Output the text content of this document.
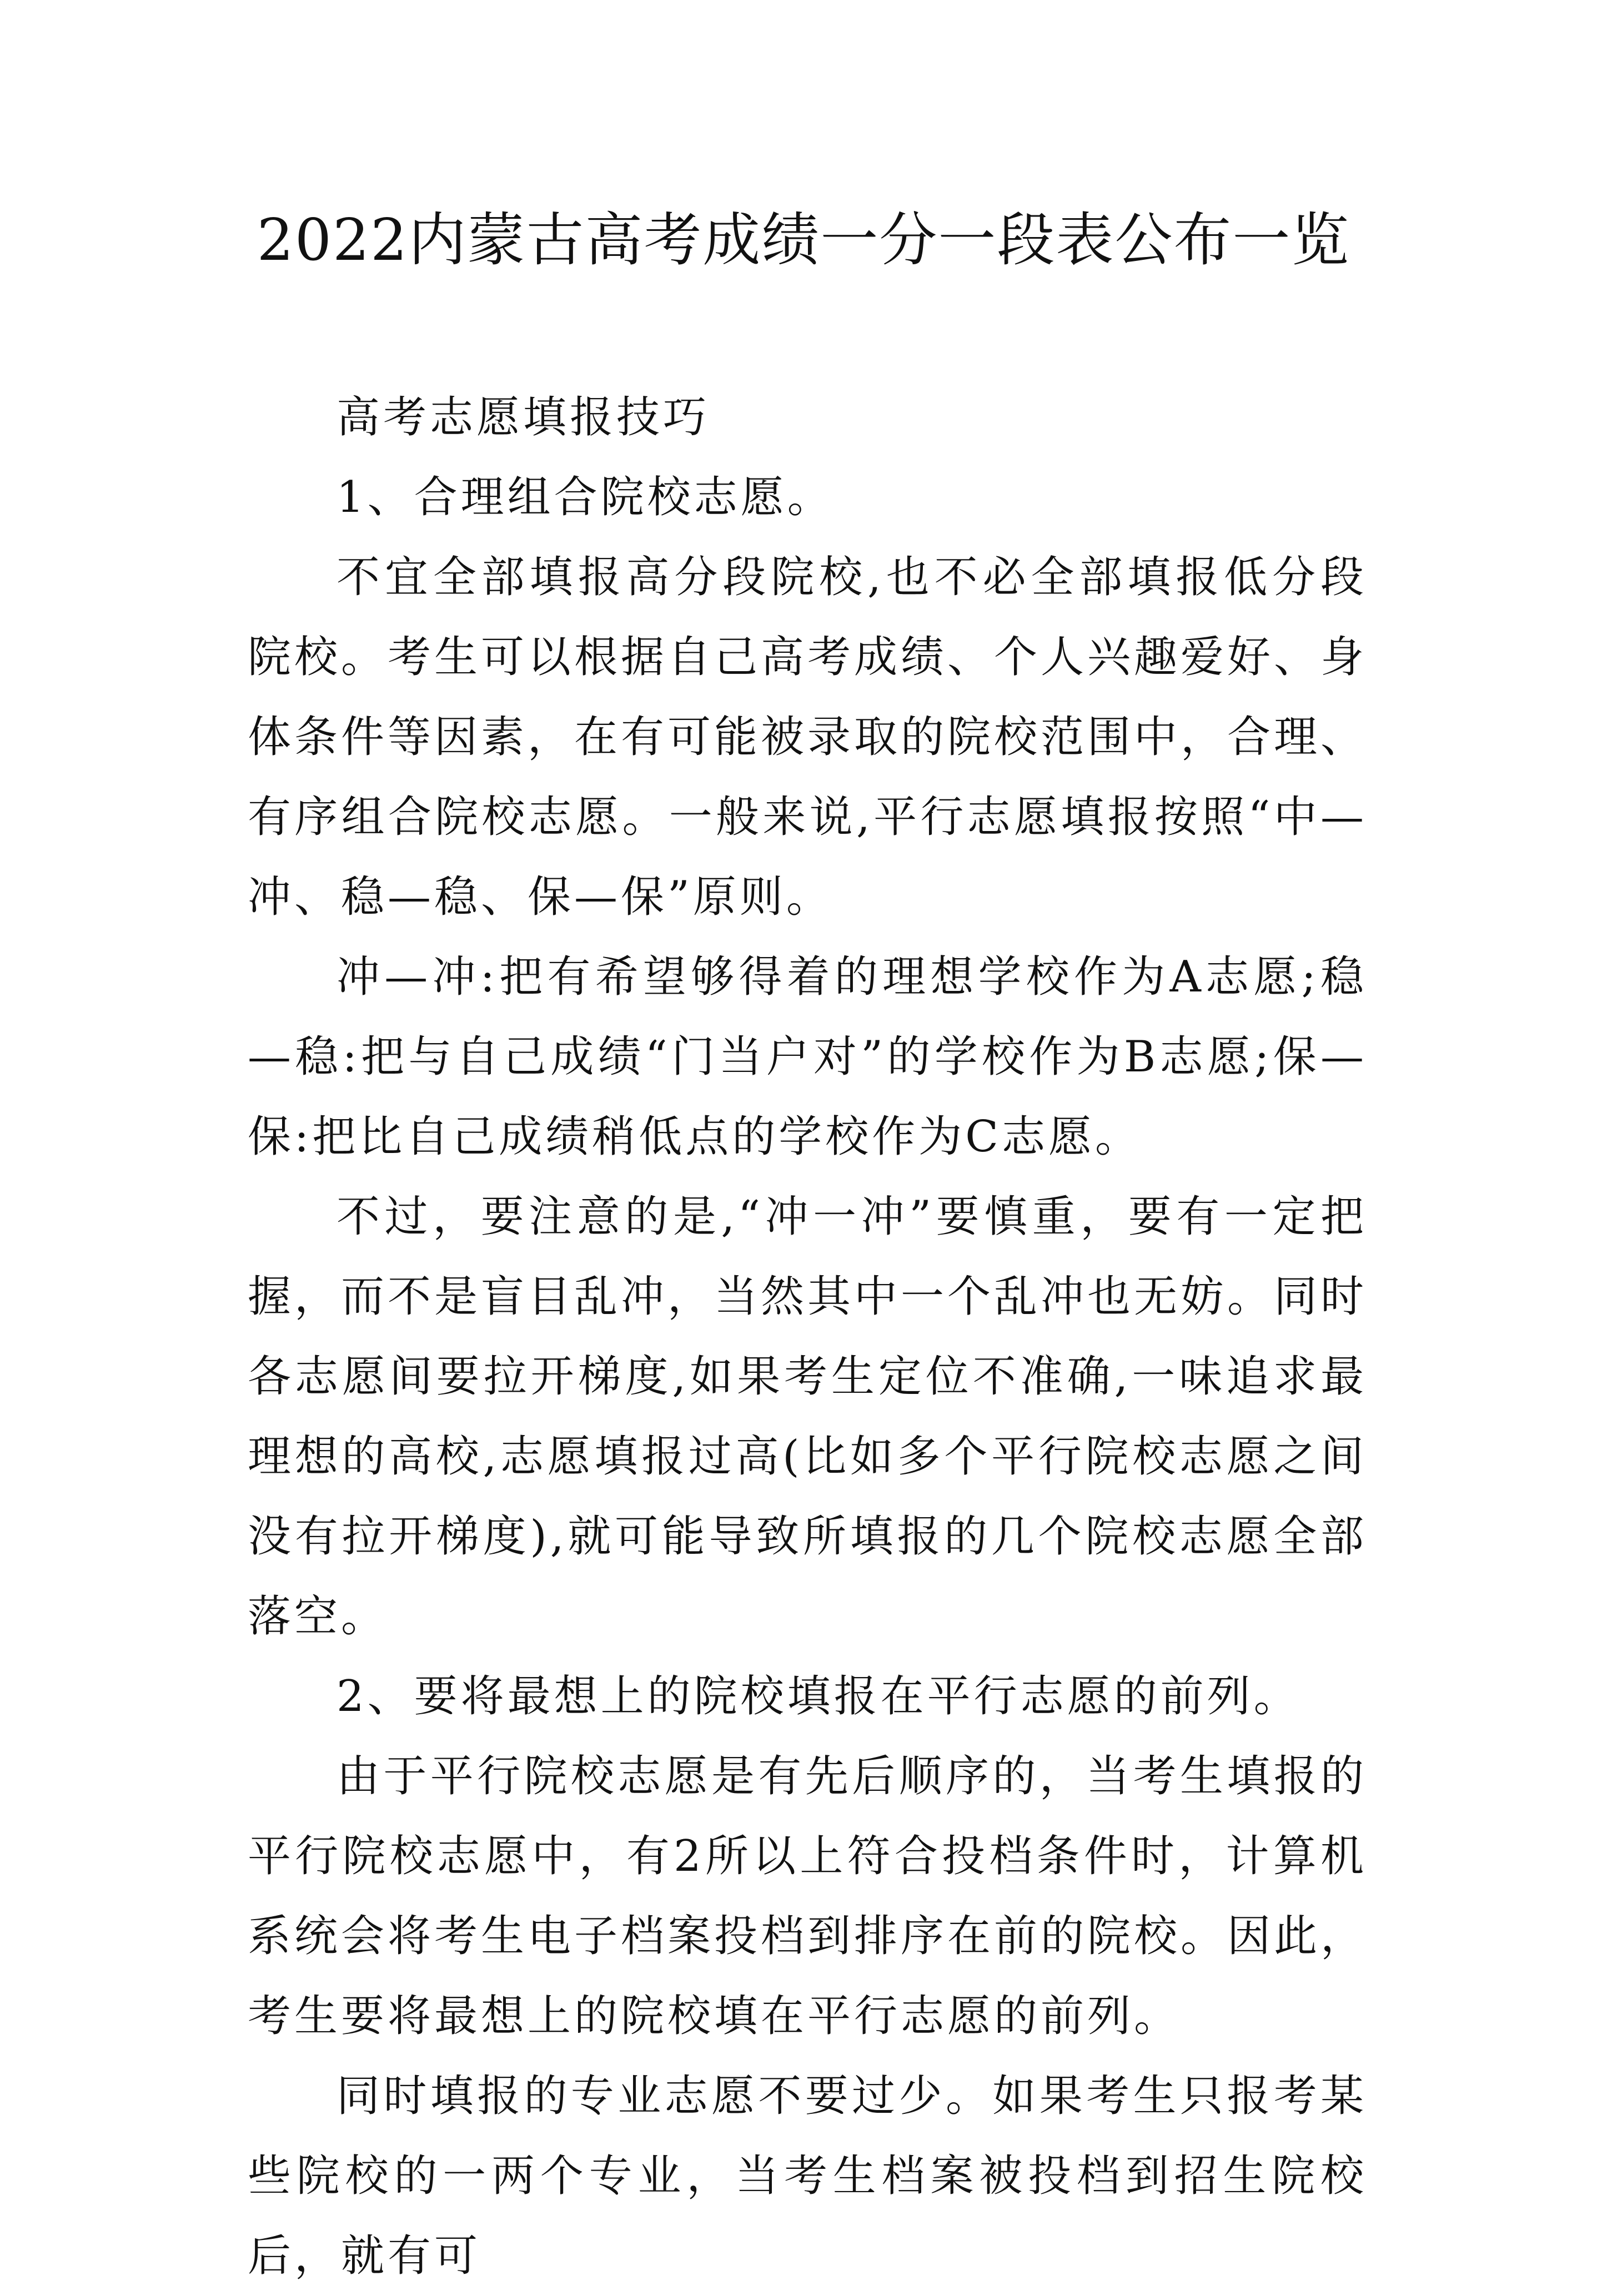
2022内蒙古高考成绩一分一段表公布一览

高考志愿填报技巧

1、合理组合院校志愿。

不宜全部填报高分段院校,也不必全部填报低分段院校。考生可以根据自己高考成绩、个人兴趣爱好、身体条件等因素，在有可能被录取的院校范围中，合理、有序组合院校志愿。一般来说,平行志愿填报按照“中—冲、稳—稳、保—保”原则。

冲—冲:把有希望够得着的理想学校作为A志愿;稳—稳:把与自己成绩“门当户对”的学校作为B志愿;保—保:把比自己成绩稍低点的学校作为C志愿。

不过，要注意的是,“冲一冲”要慎重，要有一定把握，而不是盲目乱冲，当然其中一个乱冲也无妨。同时各志愿间要拉开梯度,如果考生定位不准确,一味追求最理想的高校,志愿填报过高(比如多个平行院校志愿之间没有拉开梯度),就可能导致所填报的几个院校志愿全部落空。

2、要将最想上的院校填报在平行志愿的前列。

由于平行院校志愿是有先后顺序的，当考生填报的平行院校志愿中，有2所以上符合投档条件时，计算机系统会将考生电子档案投档到排序在前的院校。因此，考生要将最想上的院校填在平行志愿的前列。

同时填报的专业志愿不要过少。如果考生只报考某些院校的一两个专业，当考生档案被投档到招生院校后，就有可
